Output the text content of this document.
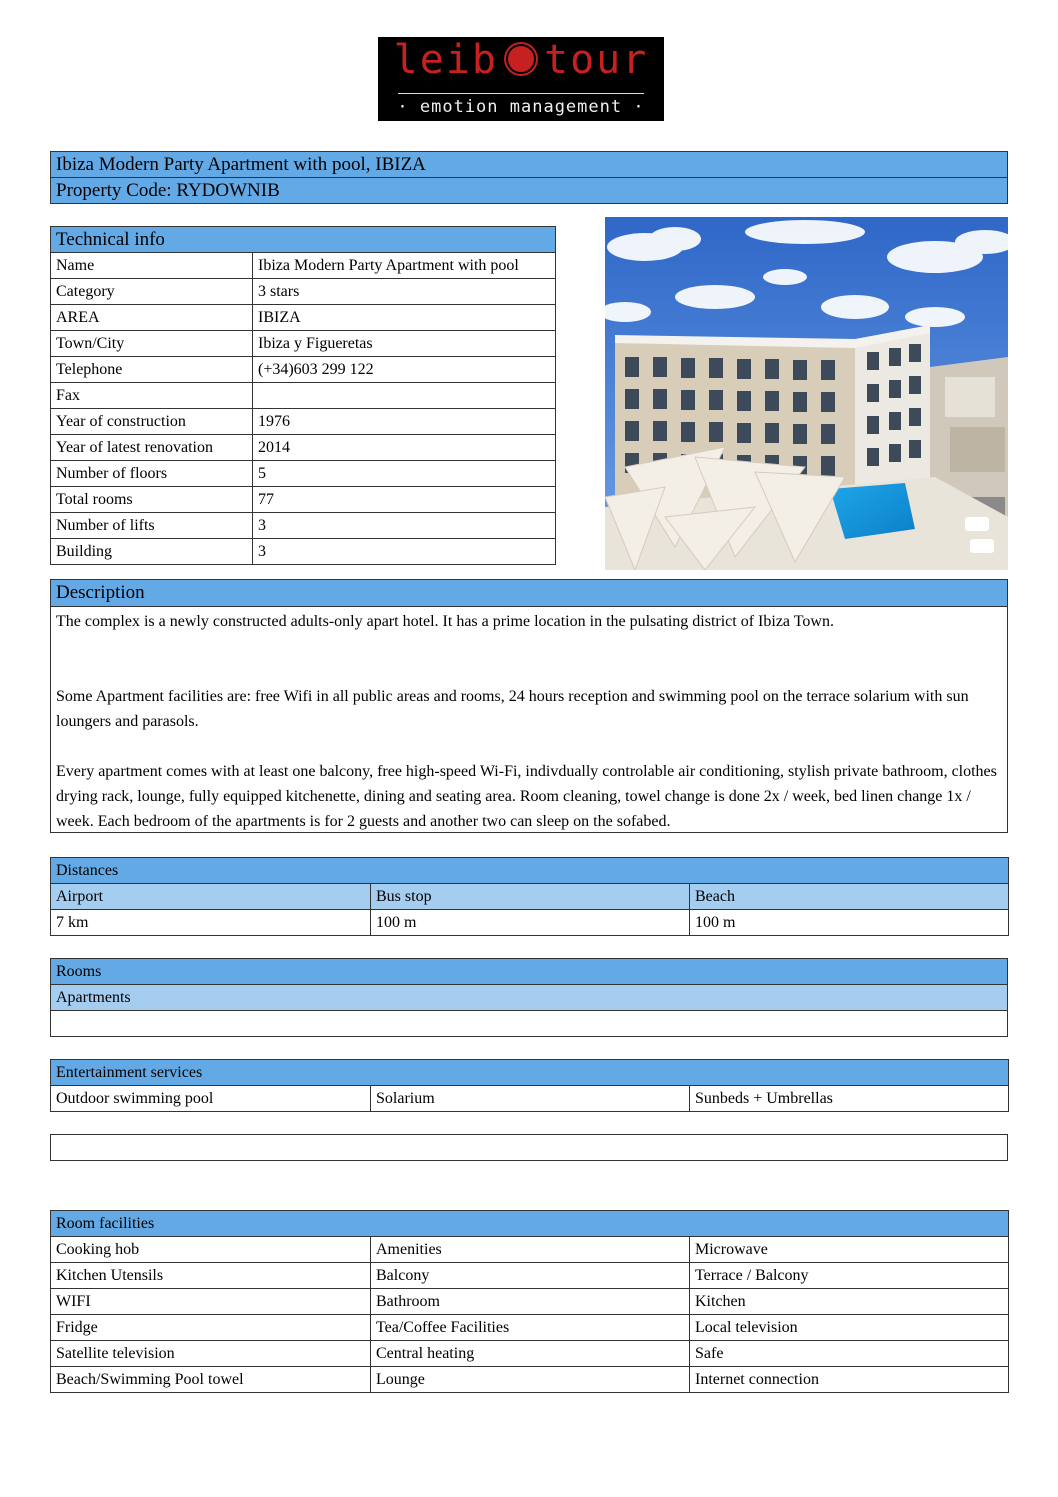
leib tour
· emotion management ·
Ibiza Modern Party Apartment with pool, IBIZA
Property Code: RYDOWNIB
Technical info	
Name	Ibiza Modern Party Apartment with pool
Category	3 stars
AREA	IBIZA
Town/City	Ibiza y Figueretas
Telephone	(+34)603 299 122
Fax	
Year of construction	1976
Year of latest renovation	2014
Number of floors	5
Total rooms	77
Number of lifts	3
Building	3
Description

The complex is a newly constructed adults-only apart hotel. It has a prime location in the pulsating district of Ibiza Town.

Some Apartment facilities are: free Wifi in all public areas and rooms, 24 hours reception and swimming pool on the terrace solarium with sun loungers and parasols.

Every apartment comes with at least one balcony, free high-speed Wi-Fi, indivdually controlable air conditioning, stylish private bathroom, clothes drying rack, lounge, fully equipped kitchenette, dining and seating area. Room cleaning, towel change is done 2x / week, bed linen change 1x / week. Each bedroom of the apartments is for 2 guests and another two can sleep on the sofabed.

Distances		
Airport	Bus stop	Beach
7 km	100 m	100 m
Rooms
Apartments

Entertainment services
Outdoor swimming pool	Solarium	Sunbeds + Umbrellas
Room facilities		
Cooking hob	Amenities	Microwave
Kitchen Utensils	Balcony	Terrace / Balcony
WIFI	Bathroom	Kitchen
Fridge	Tea/Coffee Facilities	Local television
Satellite television	Central heating	Safe
Beach/Swimming Pool towel	Lounge	Internet connection
